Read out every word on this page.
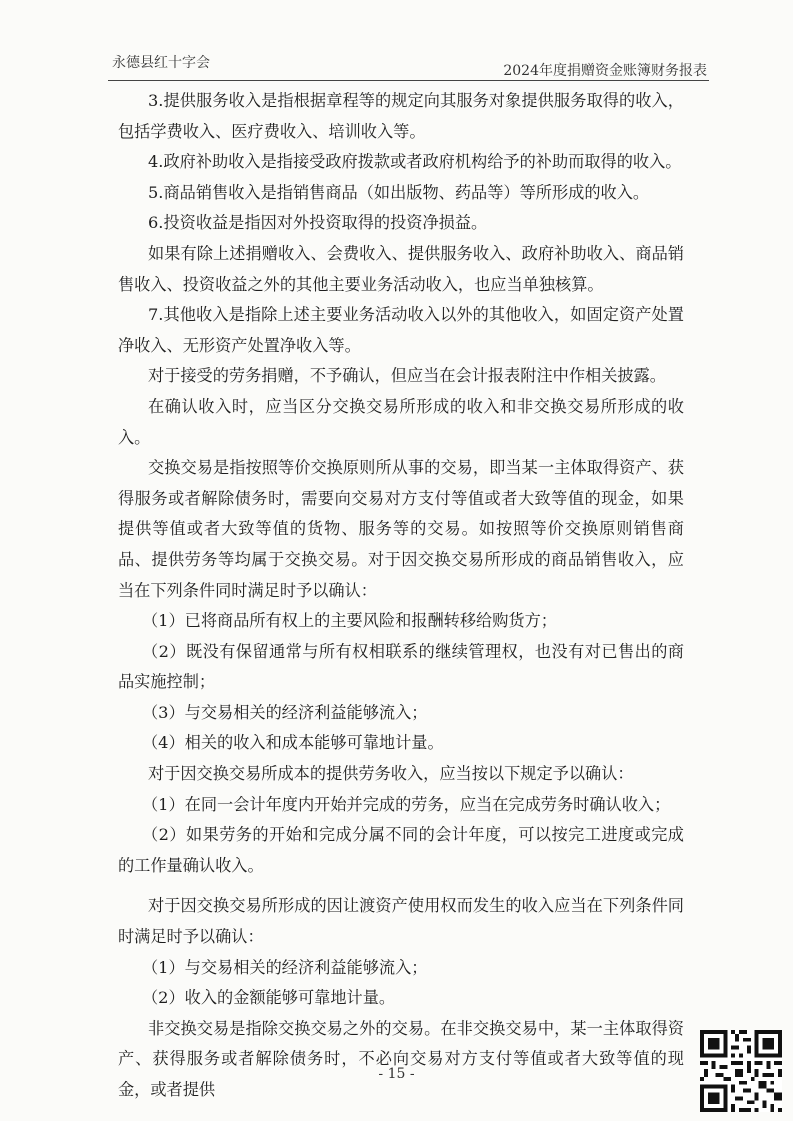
永德县红十字会	2024年度捐赠资金账簿财务报表

3.提供服务收入是指根据章程等的规定向其服务对象提供服务取得的收入，包括学费收入、医疗费收入、培训收入等。

4.政府补助收入是指接受政府拨款或者政府机构给予的补助而取得的收入。

5.商品销售收入是指销售商品（如出版物、药品等）等所形成的收入。

6.投资收益是指因对外投资取得的投资净损益。

如果有除上述捐赠收入、会费收入、提供服务收入、政府补助收入、商品销售收入、投资收益之外的其他主要业务活动收入，也应当单独核算。

7.其他收入是指除上述主要业务活动收入以外的其他收入，如固定资产处置净收入、无形资产处置净收入等。

对于接受的劳务捐赠，不予确认，但应当在会计报表附注中作相关披露。

在确认收入时，应当区分交换交易所形成的收入和非交换交易所形成的收入。

交换交易是指按照等价交换原则所从事的交易，即当某一主体取得资产、获得服务或者解除债务时，需要向交易对方支付等值或者大致等值的现金，如果提供等值或者大致等值的货物、服务等的交易。如按照等价交换原则销售商品、提供劳务等均属于交换交易。对于因交换交易所形成的商品销售收入，应当在下列条件同时满足时予以确认：

（1）已将商品所有权上的主要风险和报酬转移给购货方；

（2）既没有保留通常与所有权相联系的继续管理权，也没有对已售出的商品实施控制；

（3）与交易相关的经济利益能够流入；

（4）相关的收入和成本能够可靠地计量。

对于因交换交易所成本的提供劳务收入，应当按以下规定予以确认：

（1）在同一会计年度内开始并完成的劳务，应当在完成劳务时确认收入；

（2）如果劳务的开始和完成分属不同的会计年度，可以按完工进度或完成的工作量确认收入。

对于因交换交易所形成的因让渡资产使用权而发生的收入应当在下列条件同时满足时予以确认：

（1）与交易相关的经济利益能够流入；

（2）收入的金额能够可靠地计量。

非交换交易是指除交换交易之外的交易。在非交换交易中，某一主体取得资产、获得服务或者解除债务时，不必向交易对方支付等值或者大致等值的现金，或者提供

- 15 -
